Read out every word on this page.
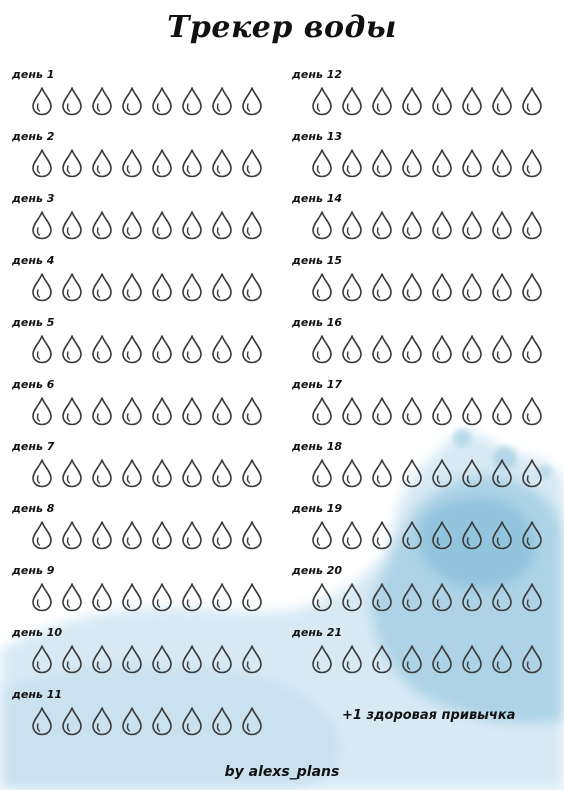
Трекер воды
день 1
день 2
день 3
день 4
день 5
день 6
день 7
день 8
день 9
день 10
день 11
день 12
день 13
день 14
день 15
день 16
день 17
день 18
день 19
день 20
день 21
+1 здоровая привычка
by alexs_plans
